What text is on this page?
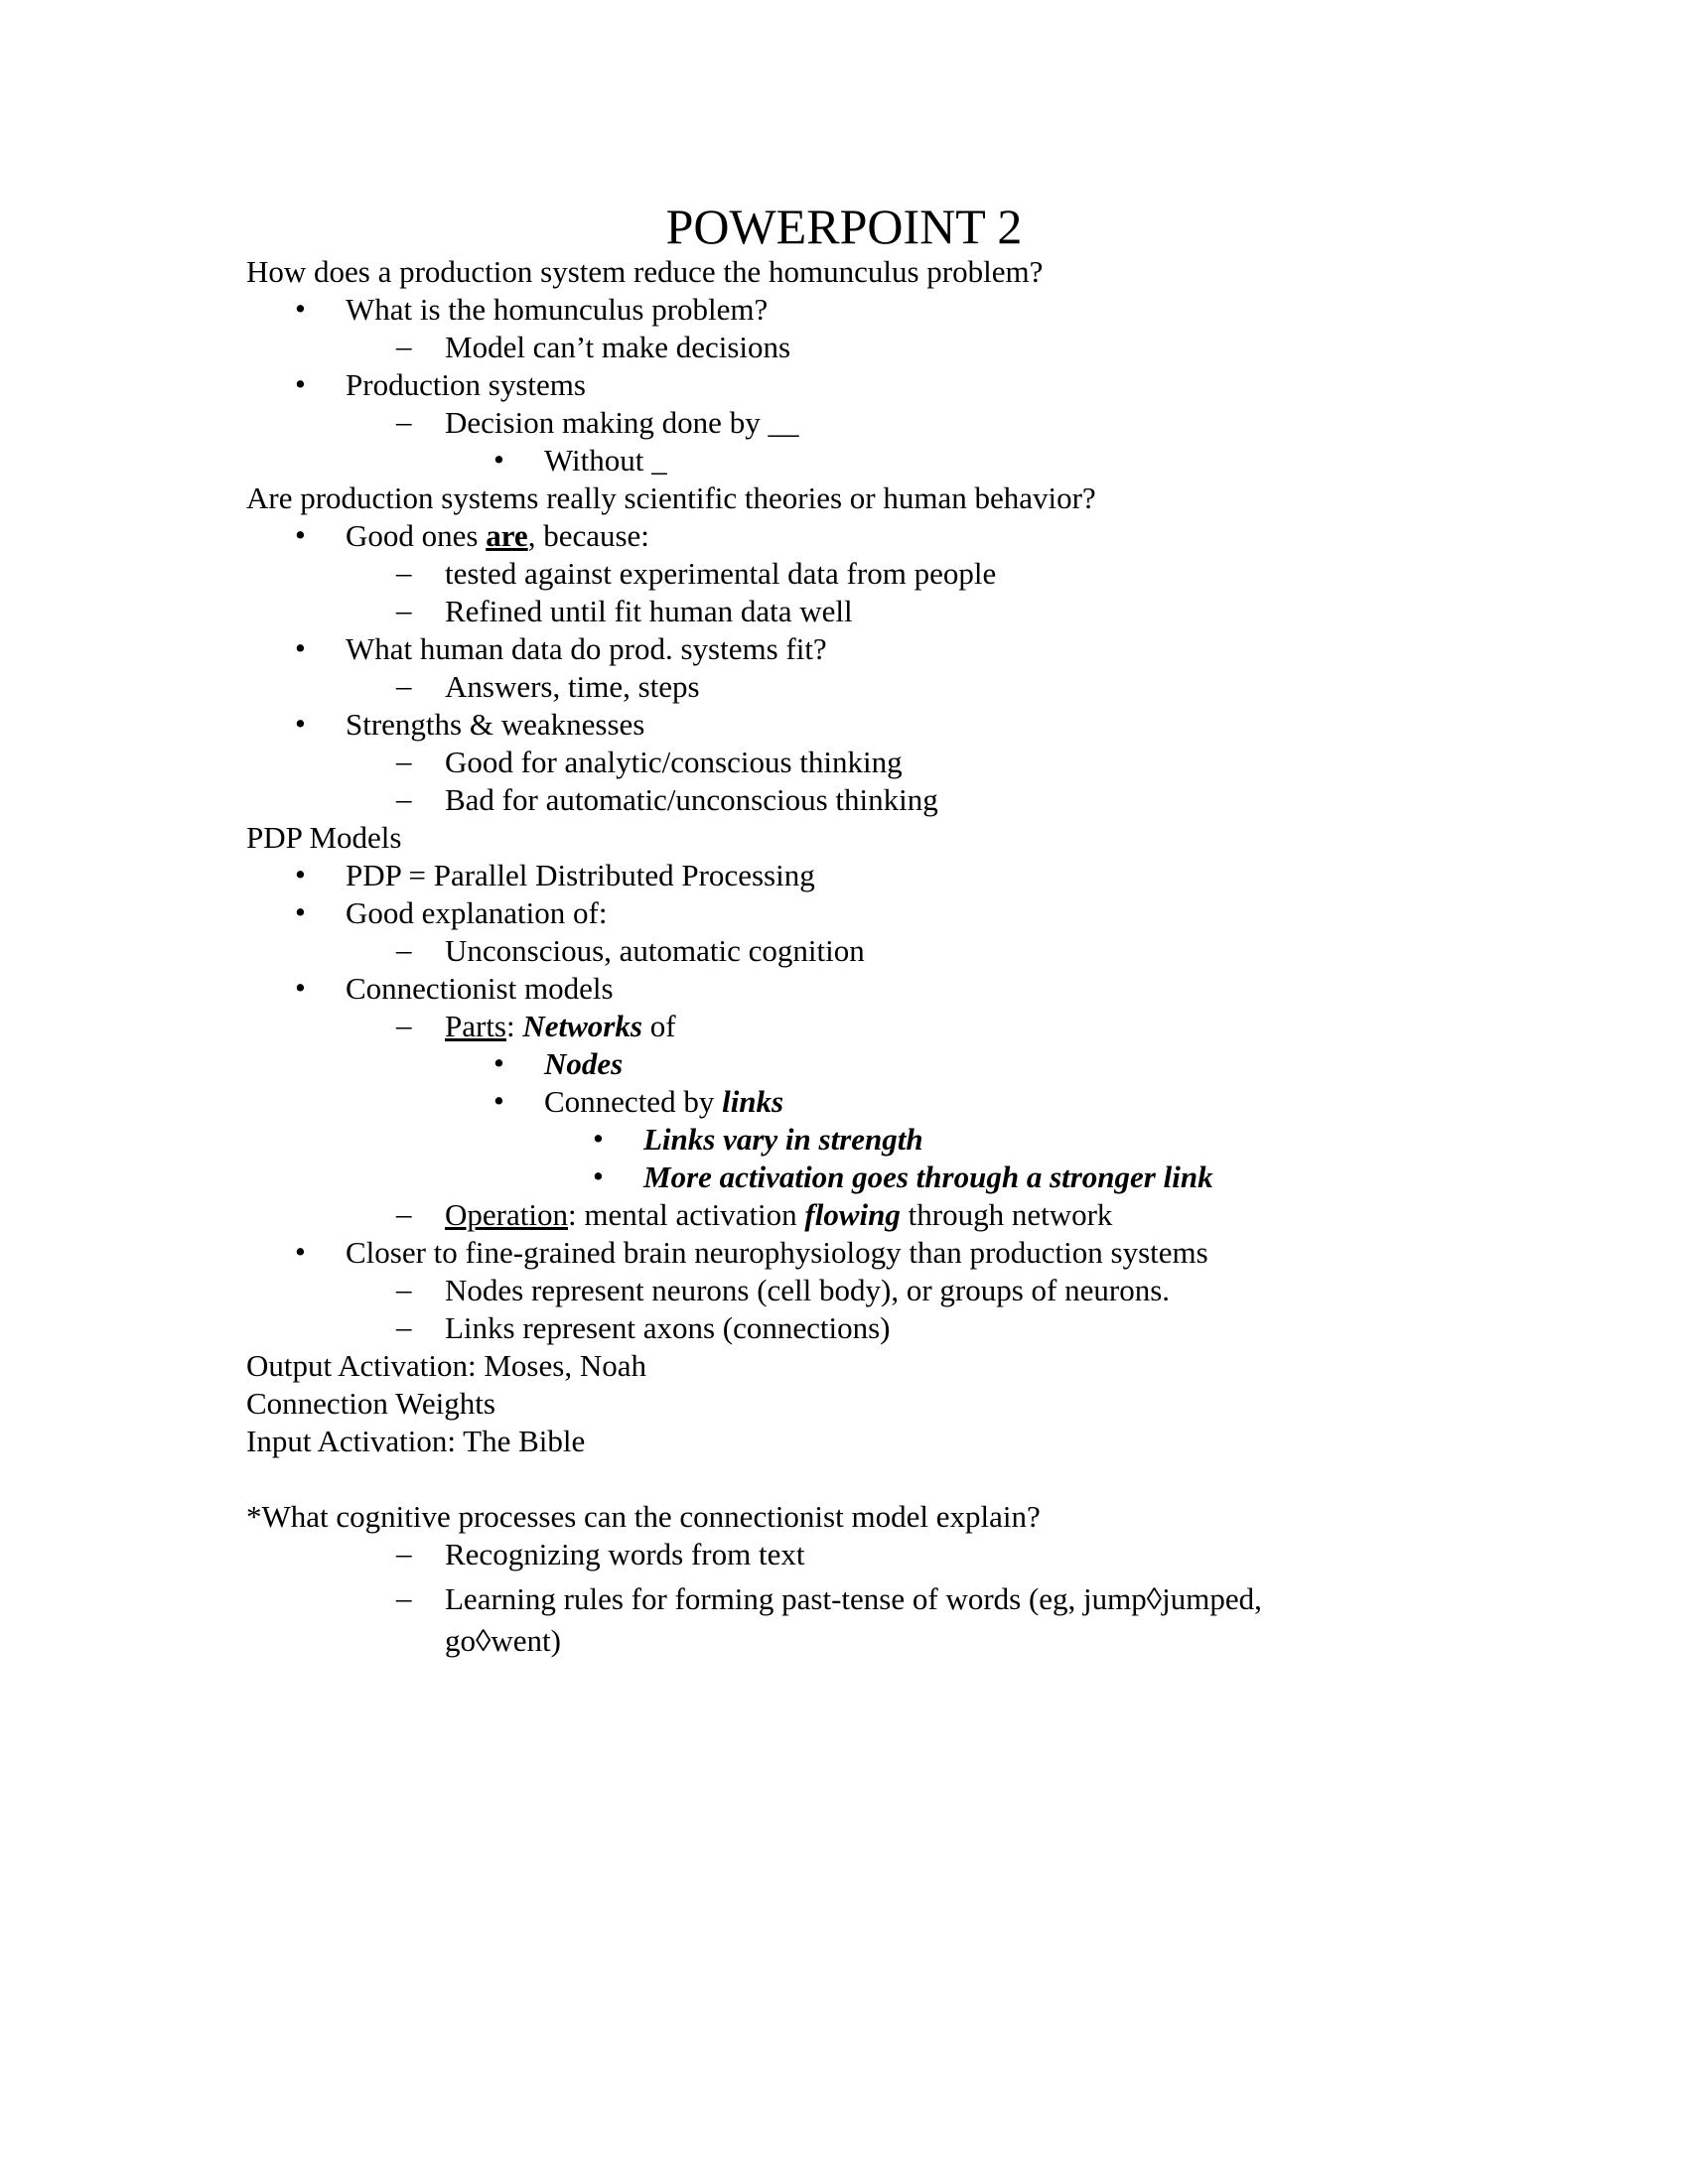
POWERPOINT 2
How does a production system reduce the homunculus problem?
• What is the homunculus problem?
– Model can’t make decisions
• Production systems
– Decision making done by __
• Without _
Are production systems really scientific theories or human behavior?
• Good ones are, because:
– tested against experimental data from people
– Refined until fit human data well
• What human data do prod. systems fit?
– Answers, time, steps
• Strengths & weaknesses
– Good for analytic/conscious thinking
– Bad for automatic/unconscious thinking
PDP Models
• PDP = Parallel Distributed Processing
• Good explanation of:
– Unconscious, automatic cognition
• Connectionist models
– Parts: Networks of
• Nodes
• Connected by links
• Links vary in strength
• More activation goes through a stronger link
– Operation: mental activation flowing through network
• Closer to fine-grained brain neurophysiology than production systems
– Nodes represent neurons (cell body), or groups of neurons.
– Links represent axons (connections)
Output Activation: Moses, Noah
Connection Weights
Input Activation: The Bible
*What cognitive processes can the connectionist model explain?
– Recognizing words from text
– Learning rules for forming past-tense of words (eg, jump◊jumped,
go◊went)
